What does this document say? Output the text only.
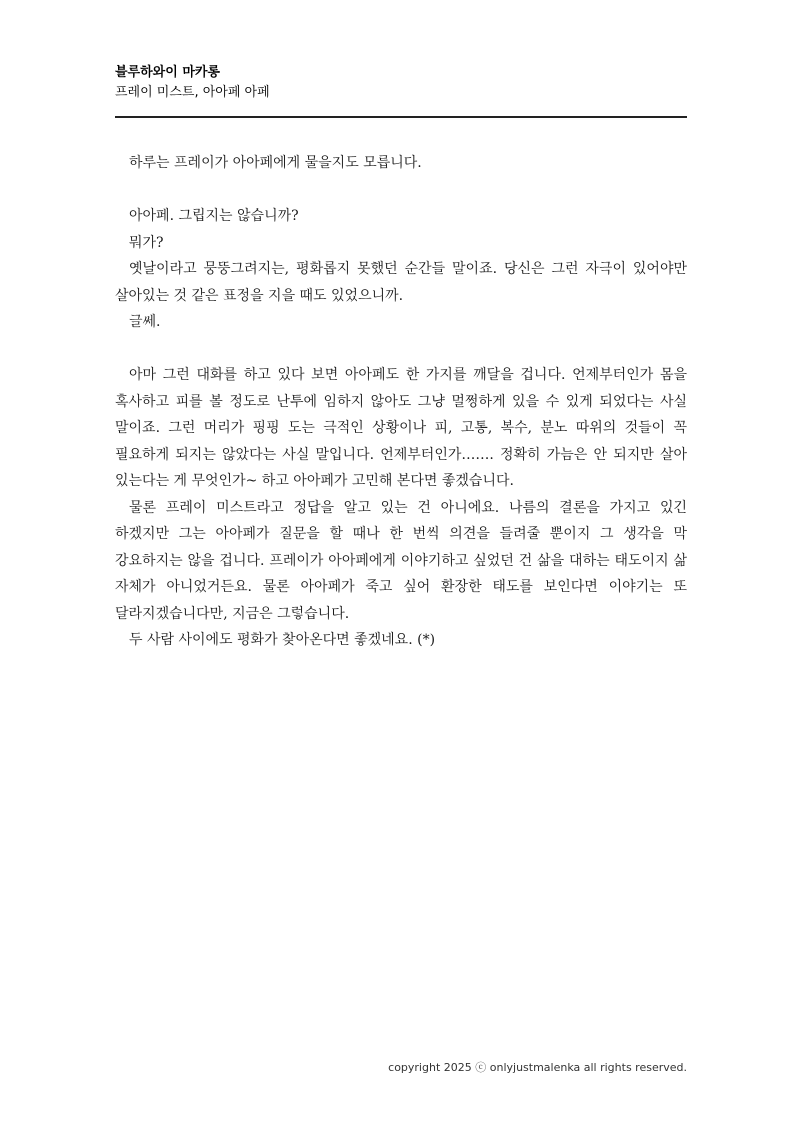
블루하와이 마카롱
프레이 미스트, 아아페 아페

하루는 프레이가 아아페에게 물을지도 모릅니다.

아아페. 그립지는 않습니까?

뭐가?

옛날이라고 뭉뚱그려지는, 평화롭지 못했던 순간들 말이죠. 당신은 그런 자극이 있어야만 살아있는 것 같은 표정을 지을 때도 있었으니까.

글쎄.

아마 그런 대화를 하고 있다 보면 아아페도 한 가지를 깨달을 겁니다. 언제부터인가 몸을 혹사하고 피를 볼 정도로 난투에 임하지 않아도 그냥 멀쩡하게 있을 수 있게 되었다는 사실 말이죠. 그런 머리가 핑핑 도는 극적인 상황이나 피, 고통, 복수, 분노 따위의 것들이 꼭 필요하게 되지는 않았다는 사실 말입니다. 언제부터인가……. 정확히 가늠은 안 되지만 살아 있는다는 게 무엇인가~ 하고 아아페가 고민해 본다면 좋겠습니다.

물론 프레이 미스트라고 정답을 알고 있는 건 아니에요. 나름의 결론을 가지고 있긴 하겠지만 그는 아아페가 질문을 할 때나 한 번씩 의견을 들려줄 뿐이지 그 생각을 막 강요하지는 않을 겁니다. 프레이가 아아페에게 이야기하고 싶었던 건 삶을 대하는 태도이지 삶 자체가 아니었거든요. 물론 아아페가 죽고 싶어 환장한 태도를 보인다면 이야기는 또 달라지겠습니다만, 지금은 그렇습니다.

두 사람 사이에도 평화가 찾아온다면 좋겠네요. (*)

copyright 2025 ⓒ onlyjustmalenka all rights reserved.
